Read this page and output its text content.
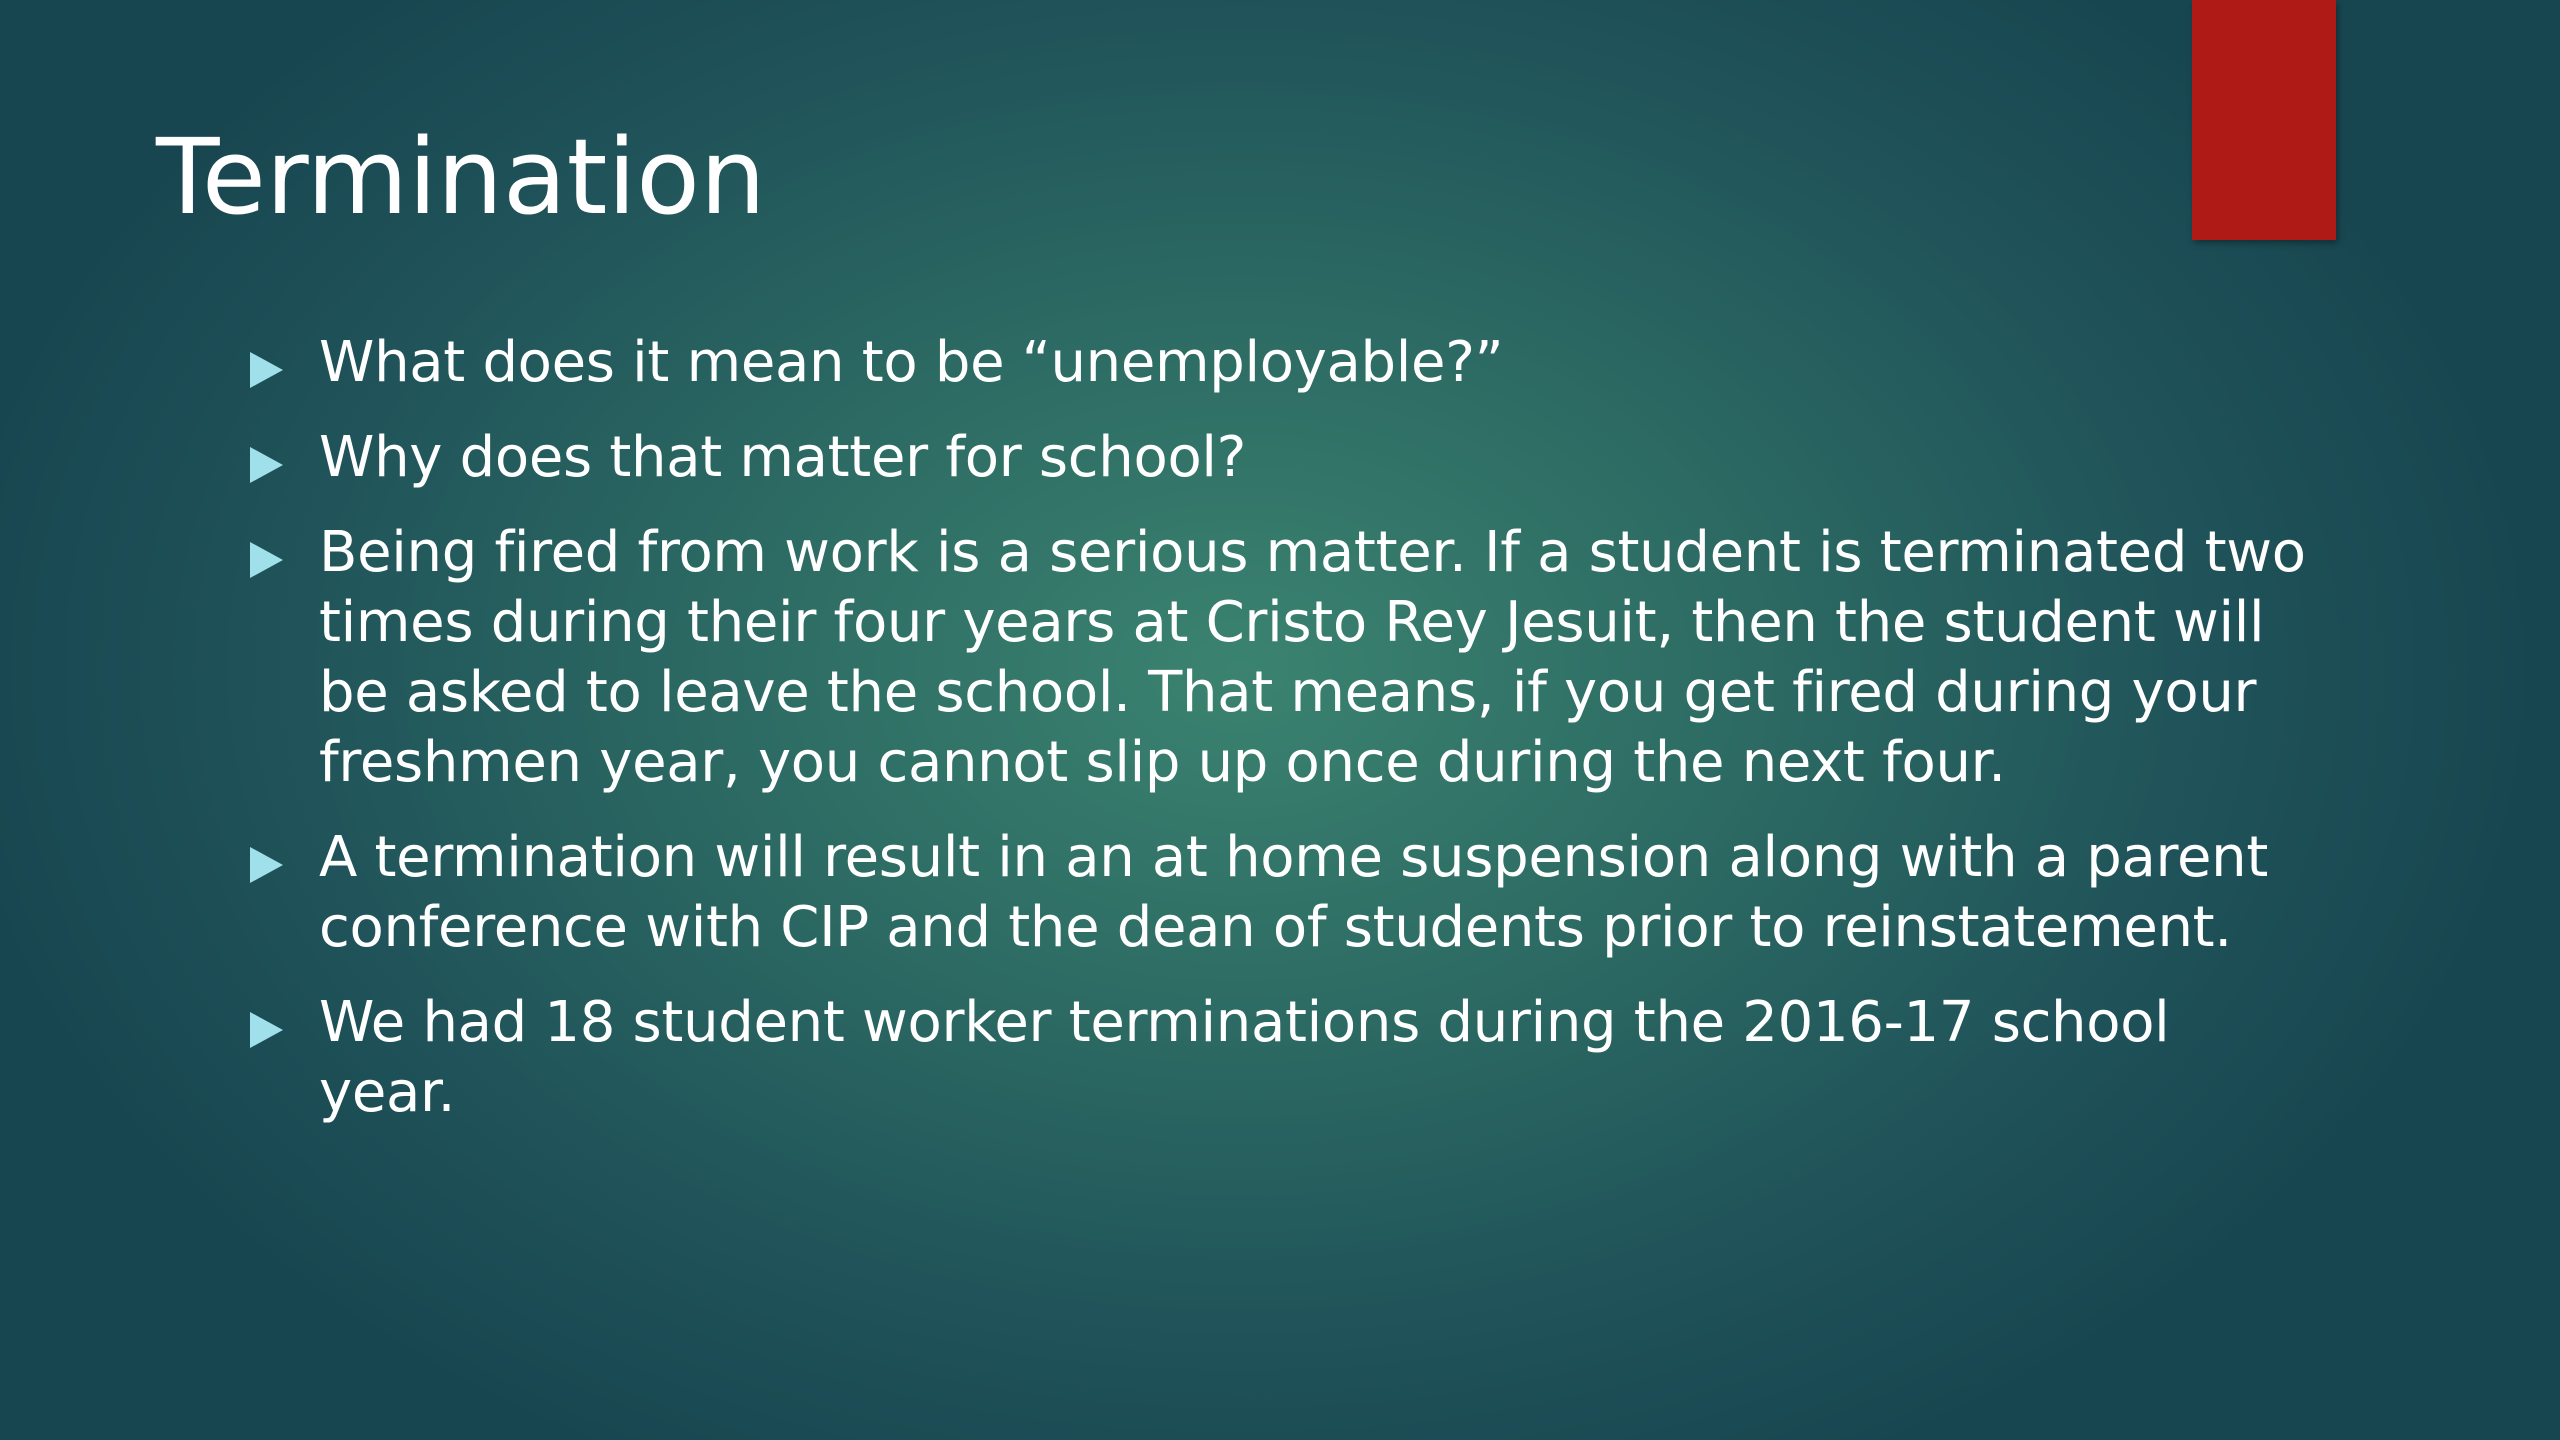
Termination
What does it mean to be “unemployable?”
Why does that matter for school?
Being fired from work is a serious matter. If a student is terminated two times during their four years at Cristo Rey Jesuit, then the student will be asked to leave the school. That means, if you get fired during your freshmen year, you cannot slip up once during the next four.
A termination will result in an at home suspension along with a parent conference with CIP and the dean of students prior to reinstatement.
We had 18 student worker terminations during the 2016-17 school year.
